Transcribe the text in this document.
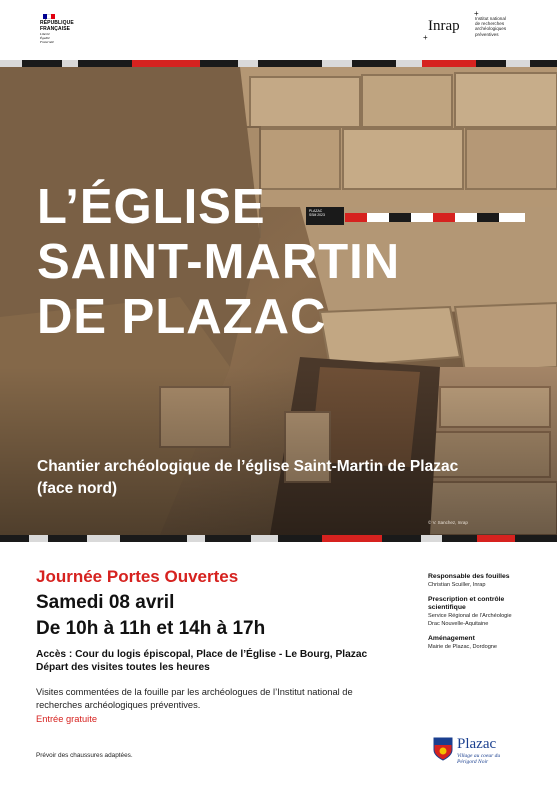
RÉPUBLIQUE
FRANÇAISE
Liberté
Égalité
Fraternité
+
+
Inrap	Institut national
de recherches
archéologiques
préventives
PLAZAC
SSM 2023
L’ÉGLISE
SAINT-MARTIN
DE PLAZAC
Chantier archéologique de l’église Saint-Martin de Plazac (face nord)
© V. Sanchez, Inrap
Journée Portes Ouvertes
Samedi 08 avril
De 10h à 11h et 14h à 17h
Accès : Cour du logis épiscopal, Place de l’Église - Le Bourg, Plazac
Départ des visites toutes les heures
Visites commentées de la fouille par les archéologues de l’Institut national de recherches archéologiques préventives.
Entrée gratuite
Prévoir des chaussures adaptées.
Responsable des fouilles
Christian Scuiller, Inrap
Prescription et contrôle scientifique
Service Régional de l’Archéologie
Drac Nouvelle-Aquitaine
Aménagement
Mairie de Plazac, Dordogne
Plazac
Village au coeur du
Périgord Noir
